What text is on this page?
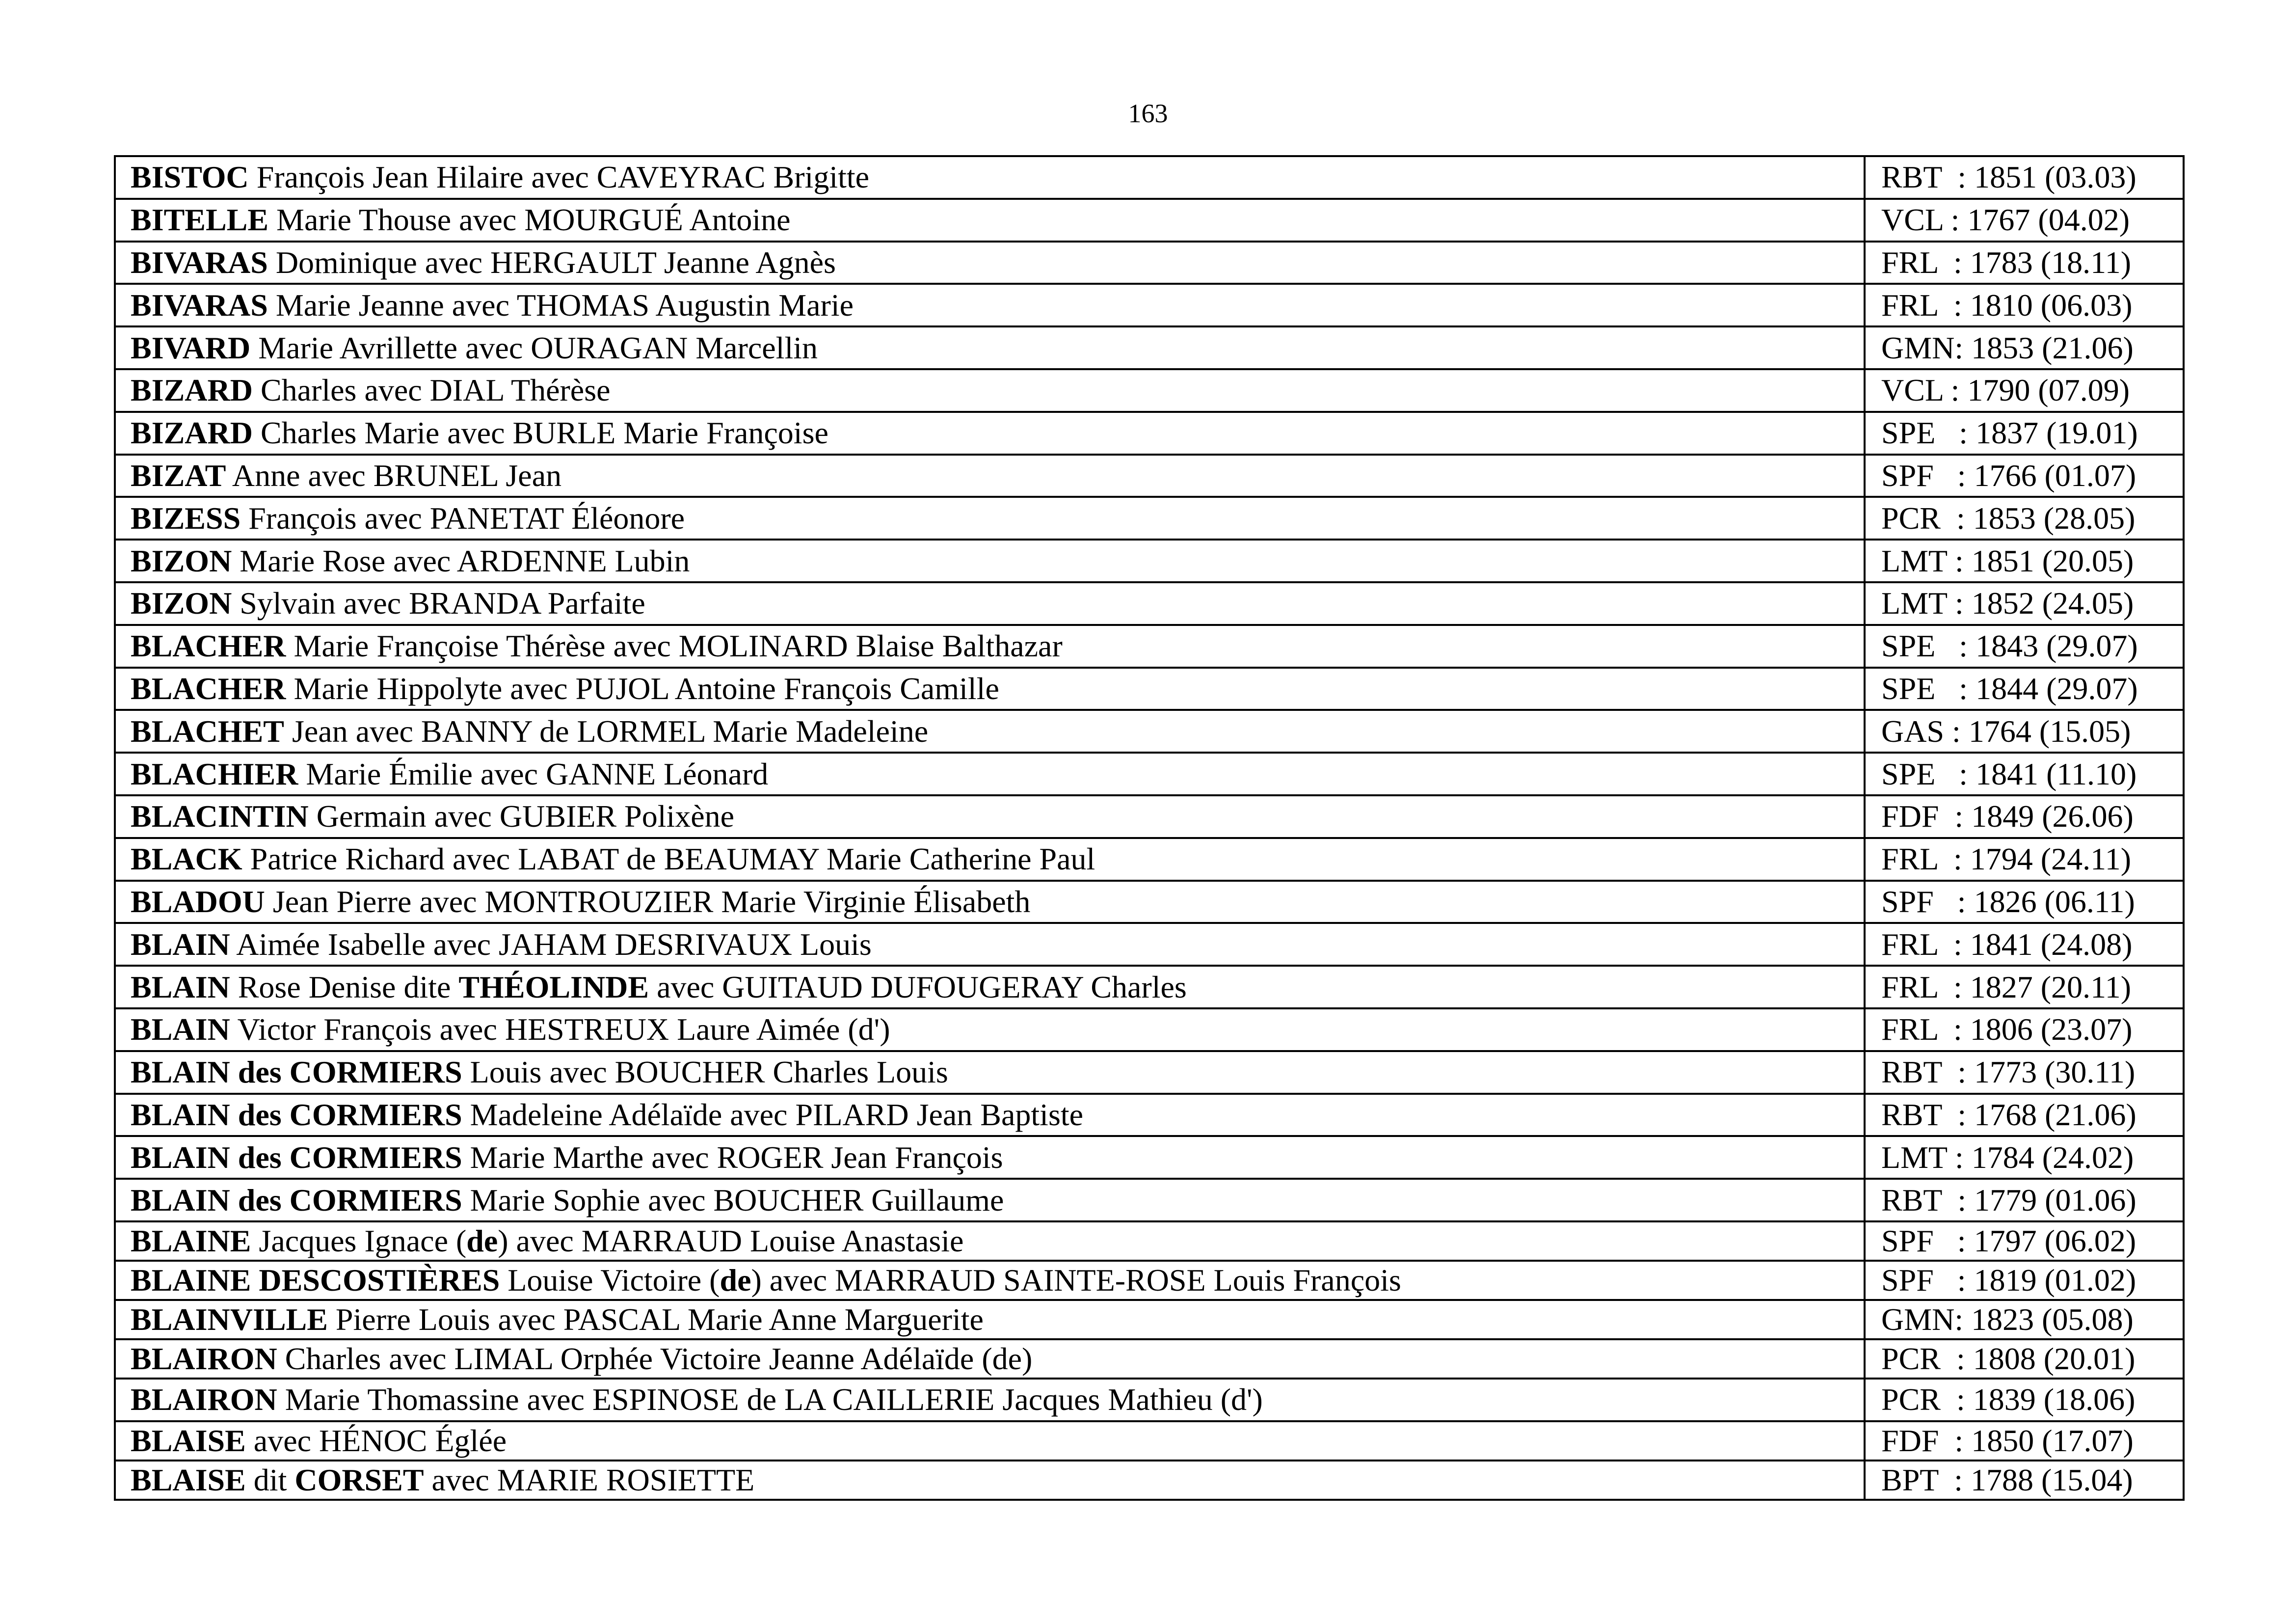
163
BISTOC François Jean Hilaire avec CAVEYRAC Brigitte	RBT  : 1851 (03.03)
BITELLE Marie Thouse avec MOURGUÉ Antoine	VCL : 1767 (04.02)
BIVARAS Dominique avec HERGAULT Jeanne Agnès	FRL  : 1783 (18.11)
BIVARAS Marie Jeanne avec THOMAS Augustin Marie	FRL  : 1810 (06.03)
BIVARD Marie Avrillette avec OURAGAN Marcellin	GMN: 1853 (21.06)
BIZARD Charles avec DIAL Thérèse	VCL : 1790 (07.09)
BIZARD Charles Marie avec BURLE Marie Françoise	SPE   : 1837 (19.01)
BIZAT Anne avec BRUNEL Jean	SPF   : 1766 (01.07)
BIZESS François avec PANETAT Éléonore	PCR  : 1853 (28.05)
BIZON Marie Rose avec ARDENNE Lubin	LMT : 1851 (20.05)
BIZON Sylvain avec BRANDA Parfaite	LMT : 1852 (24.05)
BLACHER Marie Françoise Thérèse avec MOLINARD Blaise Balthazar	SPE   : 1843 (29.07)
BLACHER Marie Hippolyte avec PUJOL Antoine François Camille	SPE   : 1844 (29.07)
BLACHET Jean avec BANNY de LORMEL Marie Madeleine	GAS : 1764 (15.05)
BLACHIER Marie Émilie avec GANNE Léonard	SPE   : 1841 (11.10)
BLACINTIN Germain avec GUBIER Polixène	FDF  : 1849 (26.06)
BLACK Patrice Richard avec LABAT de BEAUMAY Marie Catherine Paul	FRL  : 1794 (24.11)
BLADOU Jean Pierre avec MONTROUZIER Marie Virginie Élisabeth	SPF   : 1826 (06.11)
BLAIN Aimée Isabelle avec JAHAM DESRIVAUX Louis	FRL  : 1841 (24.08)
BLAIN Rose Denise dite THÉOLINDE avec GUITAUD DUFOUGERAY Charles	FRL  : 1827 (20.11)
BLAIN Victor François avec HESTREUX Laure Aimée (d')	FRL  : 1806 (23.07)
BLAIN des CORMIERS Louis avec BOUCHER Charles Louis	RBT  : 1773 (30.11)
BLAIN des CORMIERS Madeleine Adélaïde avec PILARD Jean Baptiste	RBT  : 1768 (21.06)
BLAIN des CORMIERS Marie Marthe avec ROGER Jean François	LMT : 1784 (24.02)
BLAIN des CORMIERS Marie Sophie avec BOUCHER Guillaume	RBT  : 1779 (01.06)
BLAINE Jacques Ignace (de) avec MARRAUD Louise Anastasie	SPF   : 1797 (06.02)
BLAINE DESCOSTIÈRES Louise Victoire (de) avec MARRAUD SAINTE-ROSE Louis François	SPF   : 1819 (01.02)
BLAINVILLE Pierre Louis avec PASCAL Marie Anne Marguerite	GMN: 1823 (05.08)
BLAIRON Charles avec LIMAL Orphée Victoire Jeanne Adélaïde (de)	PCR  : 1808 (20.01)
BLAIRON Marie Thomassine avec ESPINOSE de LA CAILLERIE Jacques Mathieu (d')	PCR  : 1839 (18.06)
BLAISE avec HÉNOC Églée	FDF  : 1850 (17.07)
BLAISE dit CORSET avec MARIE ROSIETTE	BPT  : 1788 (15.04)
